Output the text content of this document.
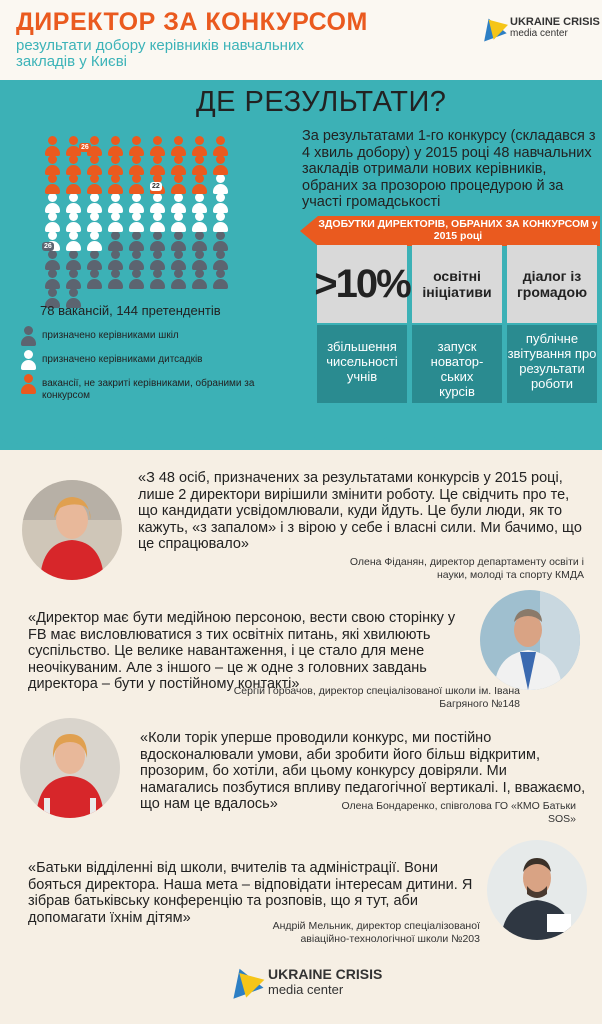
ДИРЕКТОР ЗА КОНКУРСОМ
результати добору керівників навчальних закладів у Києві
UKRAINE CRISIS
media center
ДЕ РЕЗУЛЬТАТИ?
26
22
26
78 вакансій, 144 претендентів
призначено керівниками шкіл
призначено керівниками дитсадків
вакансії, не закриті керівниками, обраними за конкурсом
За результатами 1-го конкурсу (складався з 4 хвиль добору) у 2015 році 48 навчальних закладів отримали нових керівників, обраних за прозорою процедурою й за участі громадськості
ЗДОБУТКИ ДИРЕКТОРІВ, ОБРАНИХ ЗА КОНКУРСОМ у 2015 році
>10%
збільшення чисельності учнів
освітні ініціативи
запуск новатор-ських курсів
діалог із громадою
публічне звітування про результати роботи
«З 48 осіб, призначених за результатами конкурсів у 2015 році, лише 2 директори вирішили змінити роботу. Це свідчить про те, що кандидати усвідомлювали, куди йдуть. Це були люди, як то кажуть, «з запалом» і з вірою у себе і власні сили. Ми бачимо, що це спрацювало»
Олена Фіданян, директор департаменту освіти і науки, молоді та спорту КМДА
«Директор має бути медійною персоною, вести свою сторінку у FB має висловлюватися з тих освітніх питань, які хвилюють суспільство. Це велике навантаження, і це стало для мене неочікуваним. Але з іншого – це ж одне з головних завдань директора – бути у постійному контакті»
Сергій Горбачов, директор спеціалізованої школи ім. Івана Багряного №148
«Коли торік уперше проводили конкурс, ми постійно вдосконалювали умови, аби зробити його більш відкритим, прозорим, бо хотіли, аби цьому конкурсу довіряли. Ми намагались позбутися впливу педагогічної вертикалі. І, вважаємо, що нам це вдалось»	Олена Бондаренко, співголова ГО «КМО Батьки SOS»
«Батьки відділенні від школи, вчителів та адміністрації. Вони бояться директора. Наша мета – відповідати інтересам дитини. Я зібрав батьківську конференцію та розповів, що я тут, аби допомагати їхнім дітям»
Андрій Мельник, директор спеціалізованої авіаційно-технологічної школи №203
UKRAINE CRISIS
media center
